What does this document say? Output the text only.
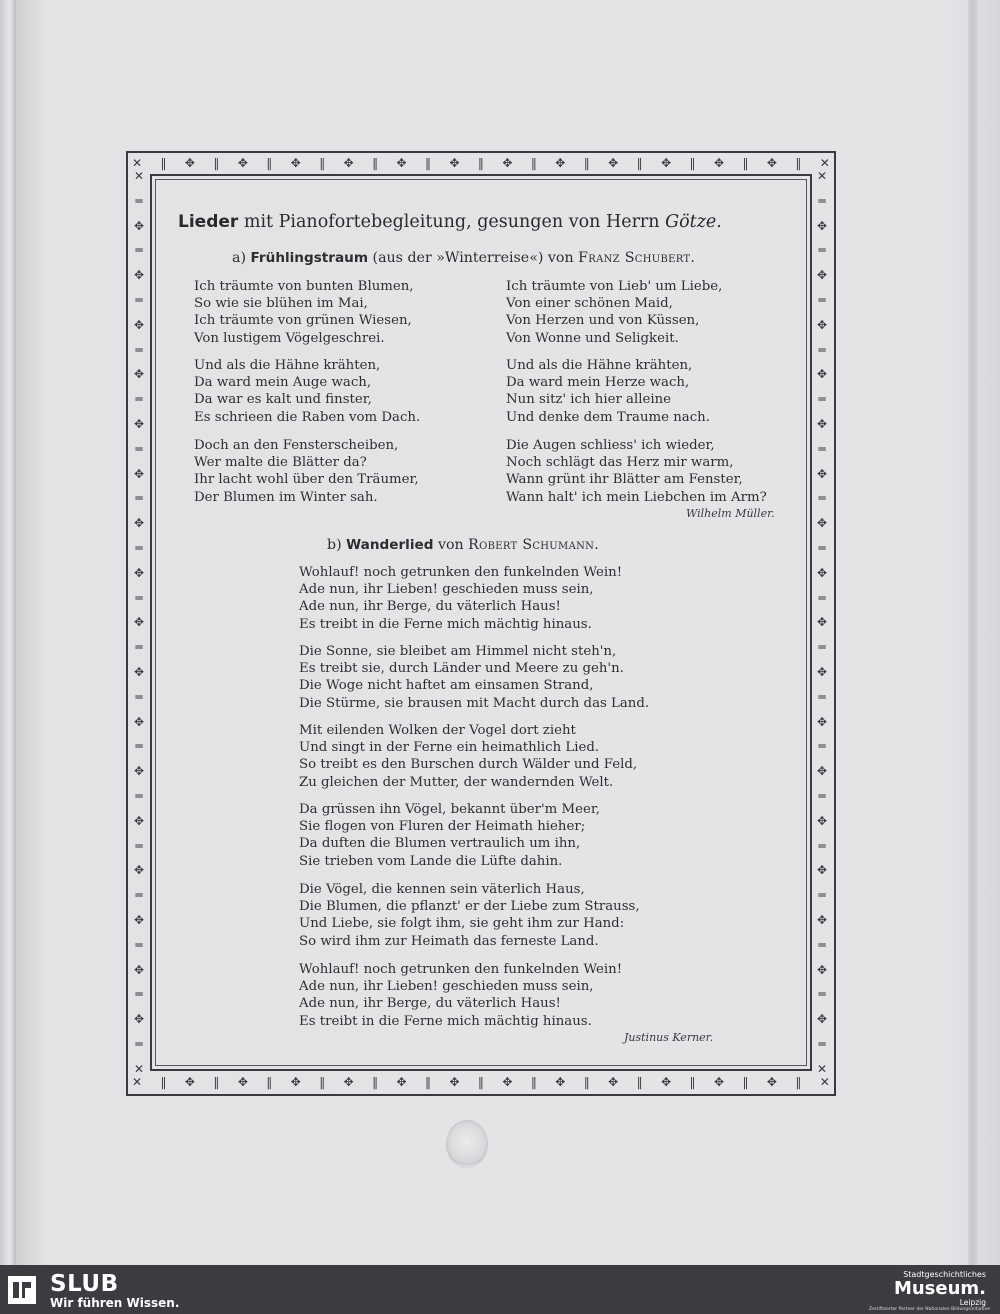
✕ ‖ ✥ ‖ ✥ ‖ ✥ ‖ ✥ ‖ ✥ ‖ ✥ ‖ ✥ ‖ ✥ ‖ ✥ ‖ ✥ ‖ ✥ ‖ ✥ ‖ ✕
✕ ‖ ✥ ‖ ✥ ‖ ✥ ‖ ✥ ‖ ✥ ‖ ✥ ‖ ✥ ‖ ✥ ‖ ✥ ‖ ✥ ‖ ✥ ‖ ✥ ‖ ✕
✕
═
✥
═
✥
═
✥
═
✥
═
✥
═
✥
═
✥
═
✥
═
✥
═
✥
═
✥
═
✥
═
✥
═
✥
═
✥
═
✥
═
✥
═
✕
✕
═
✥
═
✥
═
✥
═
✥
═
✥
═
✥
═
✥
═
✥
═
✥
═
✥
═
✥
═
✥
═
✥
═
✥
═
✥
═
✥
═
✥
═
✕
Lieder mit Pianofortebegleitung, gesungen von Herrn Götze.
a) Frühlingstraum (aus der »Winterreise«) von Franz Schubert.
Ich träumte von bunten Blumen,
So wie sie blühen im Mai,
Ich träumte von grünen Wiesen,
Von lustigem Vögelgeschrei.
Und als die Hähne krähten,
Da ward mein Auge wach,
Da war es kalt und finster,
Es schrieen die Raben vom Dach.
Doch an den Fensterscheiben,
Wer malte die Blätter da?
Ihr lacht wohl über den Träumer,
Der Blumen im Winter sah.
Ich träumte von Lieb' um Liebe,
Von einer schönen Maid,
Von Herzen und von Küssen,
Von Wonne und Seligkeit.
Und als die Hähne krähten,
Da ward mein Herze wach,
Nun sitz' ich hier alleine
Und denke dem Traume nach.
Die Augen schliess' ich wieder,
Noch schlägt das Herz mir warm,
Wann grünt ihr Blätter am Fenster,
Wann halt' ich mein Liebchen im Arm?
Wilhelm Müller.
b) Wanderlied von Robert Schumann.
Wohlauf! noch getrunken den funkelnden Wein!
Ade nun, ihr Lieben! geschieden muss sein,
Ade nun, ihr Berge, du väterlich Haus!
Es treibt in die Ferne mich mächtig hinaus.
Die Sonne, sie bleibet am Himmel nicht steh'n,
Es treibt sie, durch Länder und Meere zu geh'n.
Die Woge nicht haftet am einsamen Strand,
Die Stürme, sie brausen mit Macht durch das Land.
Mit eilenden Wolken der Vogel dort zieht
Und singt in der Ferne ein heimathlich Lied.
So treibt es den Burschen durch Wälder und Feld,
Zu gleichen der Mutter, der wandernden Welt.
Da grüssen ihn Vögel, bekannt über'm Meer,
Sie flogen von Fluren der Heimath hieher;
Da duften die Blumen vertraulich um ihn,
Sie trieben vom Lande die Lüfte dahin.
Die Vögel, die kennen sein väterlich Haus,
Die Blumen, die pflanzt' er der Liebe zum Strauss,
Und Liebe, sie folgt ihm, sie geht ihm zur Hand:
So wird ihm zur Heimath das ferneste Land.
Wohlauf! noch getrunken den funkelnden Wein!
Ade nun, ihr Lieben! geschieden muss sein,
Ade nun, ihr Berge, du väterlich Haus!
Es treibt in die Ferne mich mächtig hinaus.
Justinus Kerner.
SLUB
Wir führen Wissen.
Stadtgeschichtliches
Museum.
Leipzig
Zertifizierter Partner der Nationalen Bildungsinitiative
